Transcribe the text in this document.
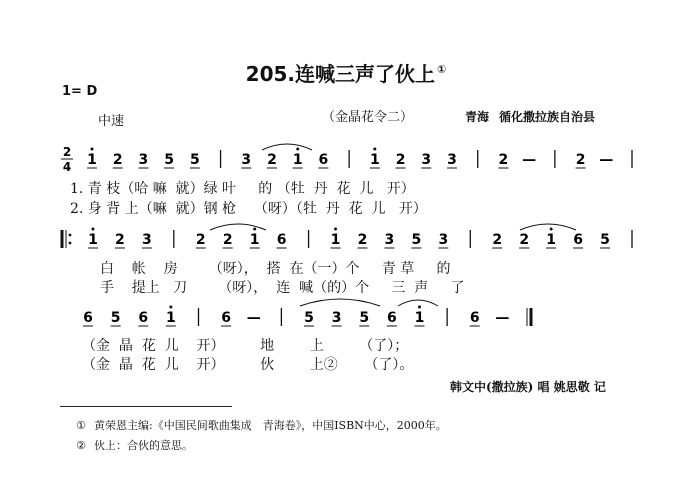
205.连喊三声了伙上 ①
1= D
中速	（金晶花令二）	青海 循化撒拉族自治县
2
4 1 2 3 5 5	3 2 1 6	1 2 3 3	2 —	2 —
1 2 3	2 2 1 6	1 2 3 5 3	2 2 1 6 5
6 5 6 1	6 —	5 3 5 6 1	6 —
1. 青 枝（哈 嘛  就）绿 叶     的 （牡  丹  花  儿   开）
2. 身 背 上（嘛  就）钢 枪    （呀）（牡  丹  花  儿   开）
白    帐    房       （呀），  搭  在（一）个     青 草     的
手    提上   刀       （呀），  连  喊（的）个     三  声     了
（金  晶  花  儿    开）        地        上        （了）；
（金  晶  花  儿    开）        伙        上②      （了）。
韩文中(撒拉族) 唱 姚思敬 记
① 黄荣恩主编:《中国民间歌曲集成　青海卷》，中国ISBN中心，2000年。
② 伙上：合伙的意思。
